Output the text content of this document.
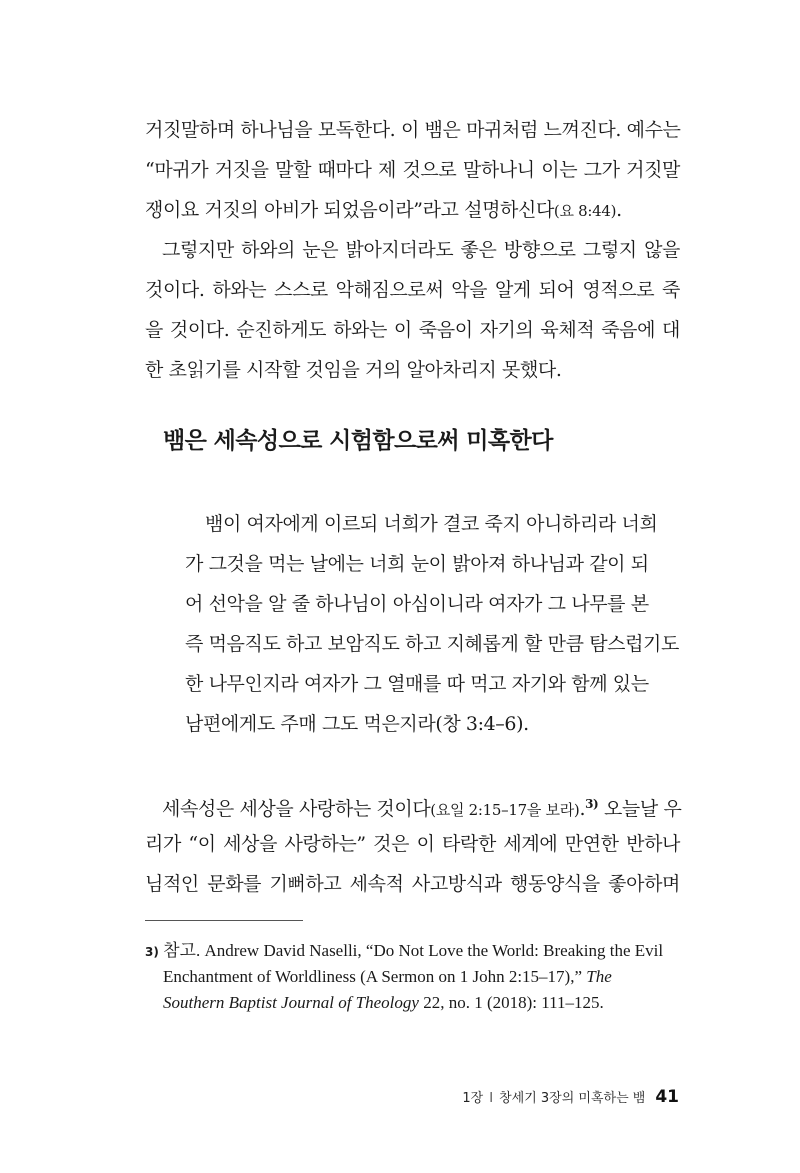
거짓말하며 하나님을 모독한다. 이 뱀은 마귀처럼 느껴진다. 예수는
“마귀가 거짓을 말할 때마다 제 것으로 말하나니 이는 그가 거짓말
쟁이요 거짓의 아비가 되었음이라”라고 설명하신다(요 8:44).
그렇지만 하와의 눈은 밝아지더라도 좋은 방향으로 그렇지 않을
것이다. 하와는 스스로 악해짐으로써 악을 알게 되어 영적으로 죽
을 것이다. 순진하게도 하와는 이 죽음이 자기의 육체적 죽음에 대
한 초읽기를 시작할 것임을 거의 알아차리지 못했다.
뱀은 세속성으로 시험함으로써 미혹한다
뱀이 여자에게 이르되 너희가 결코 죽지 아니하리라 너희
가 그것을 먹는 날에는 너희 눈이 밝아져 하나님과 같이 되
어 선악을 알 줄 하나님이 아심이니라 여자가 그 나무를 본
즉 먹음직도 하고 보암직도 하고 지혜롭게 할 만큼 탐스럽기도
한 나무인지라 여자가 그 열매를 따 먹고 자기와 함께 있는
남편에게도 주매 그도 먹은지라(창 3:4–6).
세속성은 세상을 사랑하는 것이다(요일 2:15–17을 보라).$^{3)}$ 오늘날 우
리가 “이 세상을 사랑하는” 것은 이 타락한 세계에 만연한 반하나
님적인 문화를 기뻐하고 세속적 사고방식과 행동양식을 좋아하며
3) 참고. Andrew David Naselli, “Do Not Love the World: Breaking the Evil
Enchantment of Worldliness (A Sermon on 1 John 2:15–17),” The
Southern Baptist Journal of Theology 22, no. 1 (2018): 111–125.
1장 I 창세기 3장의 미혹하는 뱀 41
